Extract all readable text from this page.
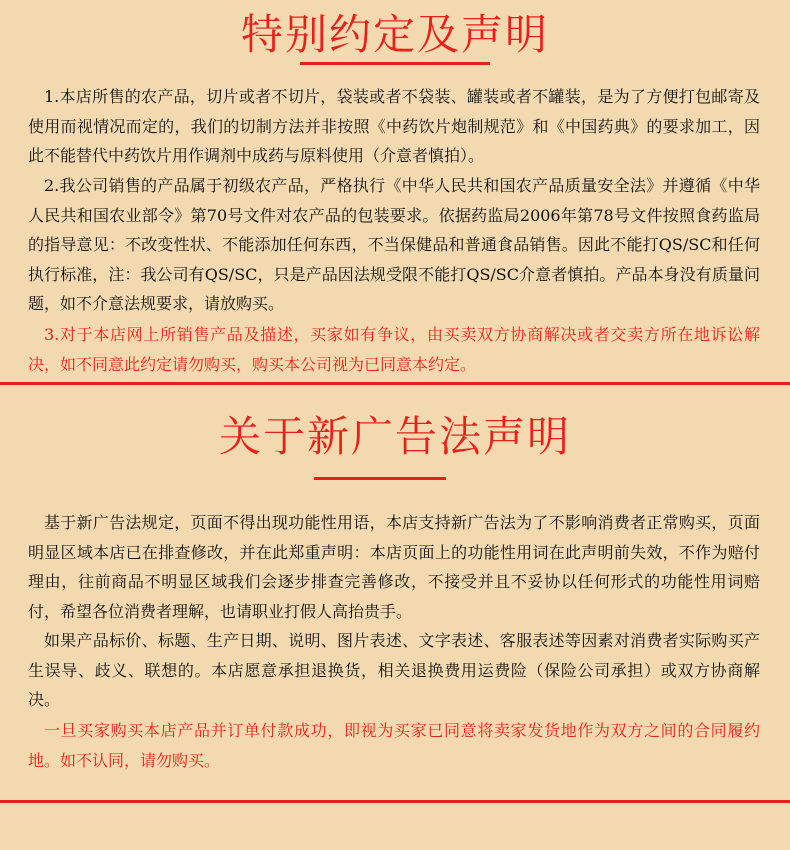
特别约定及声明

1.本店所售的农产品，切片或者不切片，袋装或者不袋装、罐装或者不罐装，是为了方便打包邮寄及使用而视情况而定的，我们的切制方法并非按照《中药饮片炮制规范》和《中国药典》的要求加工，因此不能替代中药饮片用作调剂中成药与原料使用（介意者慎拍）。

2.我公司销售的产品属于初级农产品，严格执行《中华人民共和国农产品质量安全法》并遵循《中华人民共和国农业部令》第70号文件对农产品的包装要求。依据药监局2006年第78号文件按照食药监局的指导意见：不改变性状、不能添加任何东西，不当保健品和普通食品销售。因此不能打QS/SC和任何执行标准，注：我公司有QS/SC，只是产品因法规受限不能打QS/SC介意者慎拍。产品本身没有质量问题，如不介意法规要求，请放购买。

3.对于本店网上所销售产品及描述，买家如有争议，由买卖双方协商解决或者交卖方所在地诉讼解决，如不同意此约定请勿购买，购买本公司视为已同意本约定。

关于新广告法声明

基于新广告法规定，页面不得出现功能性用语，本店支持新广告法为了不影响消费者正常购买，页面明显区域本店已在排查修改，并在此郑重声明：本店页面上的功能性用词在此声明前失效，不作为赔付理由，往前商品不明显区域我们会逐步排查完善修改，不接受并且不妥协以任何形式的功能性用词赔付，希望各位消费者理解，也请职业打假人高抬贵手。

如果产品标价、标题、生产日期、说明、图片表述、文字表述、客服表述等因素对消费者实际购买产生误导、歧义、联想的。本店愿意承担退换货，相关退换费用运费险（保险公司承担）或双方协商解决。

一旦买家购买本店产品并订单付款成功，即视为买家已同意将卖家发货地作为双方之间的合同履约地。如不认同，请勿购买。
